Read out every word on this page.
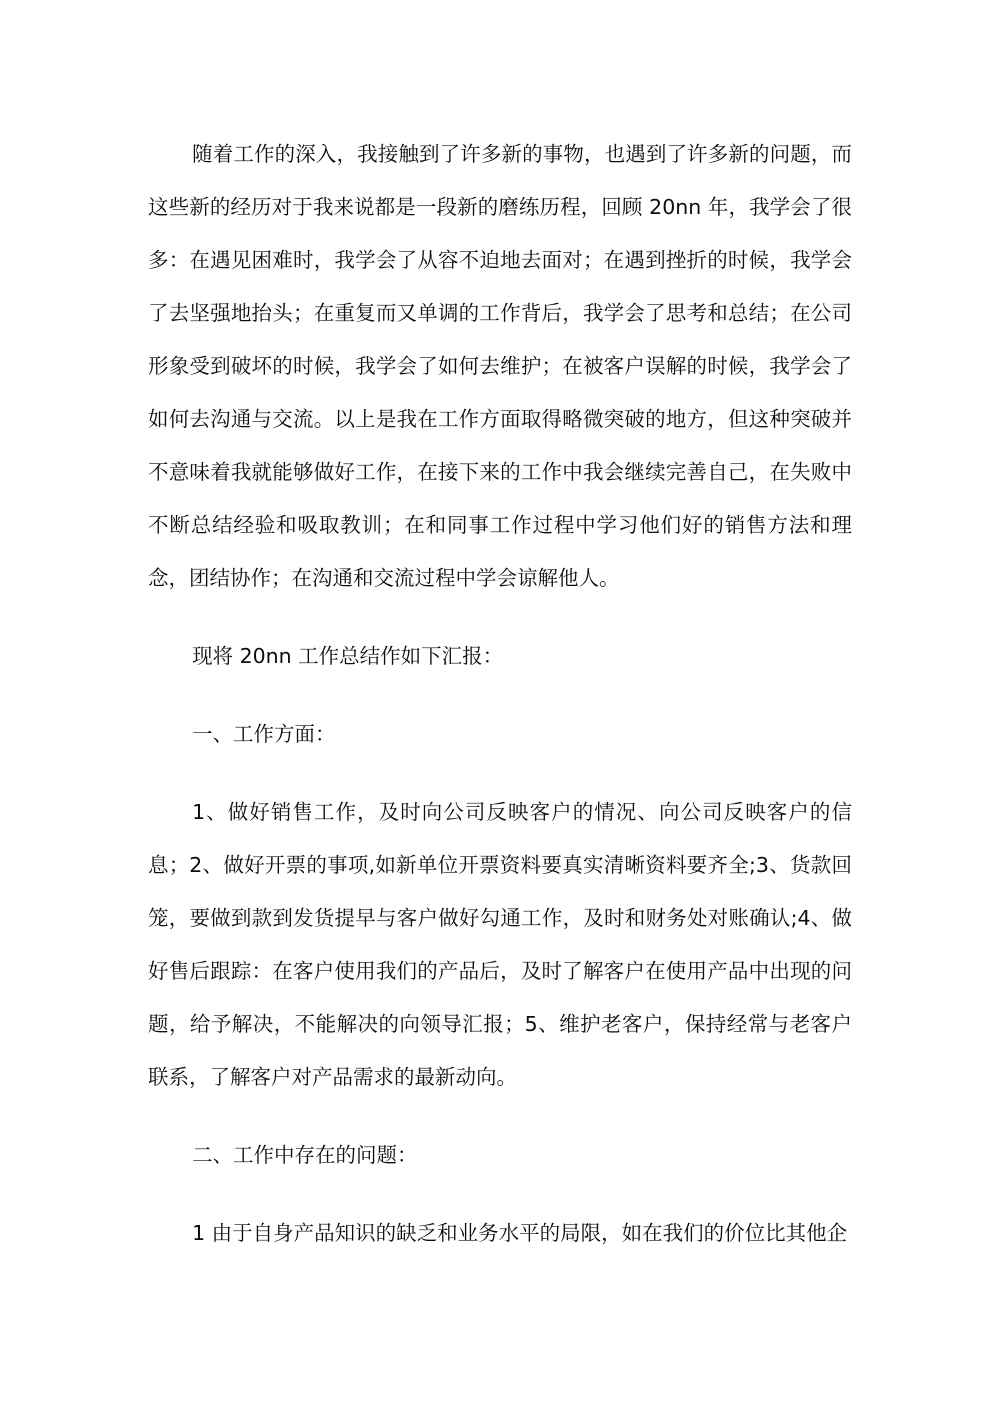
随着工作的深入，我接触到了许多新的事物，也遇到了许多新的问题，而这些新的经历对于我来说都是一段新的磨练历程，回顾 20nn 年，我学会了很多：在遇见困难时，我学会了从容不迫地去面对；在遇到挫折的时候，我学会了去坚强地抬头；在重复而又单调的工作背后，我学会了思考和总结；在公司形象受到破坏的时候，我学会了如何去维护；在被客户误解的时候，我学会了如何去沟通与交流。以上是我在工作方面取得略微突破的地方，但这种突破并不意味着我就能够做好工作，在接下来的工作中我会继续完善自己，在失败中不断总结经验和吸取教训；在和同事工作过程中学习他们好的销售方法和理念，团结协作；在沟通和交流过程中学会谅解他人。

现将 20nn 工作总结作如下汇报：

一、工作方面：

1、做好销售工作，及时向公司反映客户的情况、向公司反映客户的信息；2、做好开票的事项,如新单位开票资料要真实清晰资料要齐全;3、货款回笼，要做到款到发货提早与客户做好勾通工作，及时和财务处对账确认;4、做好售后跟踪：在客户使用我们的产品后，及时了解客户在使用产品中出现的问题，给予解决，不能解决的向领导汇报；5、维护老客户，保持经常与老客户联系，了解客户对产品需求的最新动向。

二、工作中存在的问题：

1 由于自身产品知识的缺乏和业务水平的局限，如在我们的价位比其他企
